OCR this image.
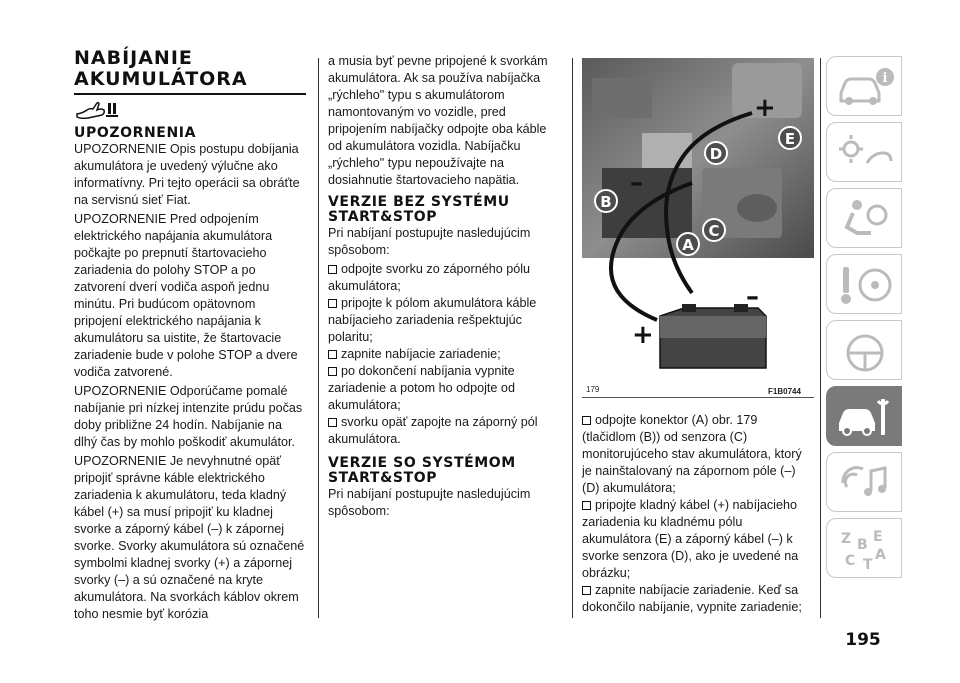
NABÍJANIE
AKUMULÁTORA
UPOZORNENIA

UPOZORNENIE Opis postupu dobíjania akumulátora je uvedený výlučne ako informatívny. Pri tejto operácii sa obráťte na servisnú sieť Fiat.

UPOZORNENIE Pred odpojením elektrického napájania akumulátora počkajte po prepnutí štartovacieho zariadenia do polohy STOP a po zatvorení dverí vodiča aspoň jednu minútu. Pri budúcom opätovnom pripojení elektrického napájania k akumulátoru sa uistite, že štartovacie zariadenie bude v polohe STOP a dvere vodiča zatvorené.

UPOZORNENIE Odporúčame pomalé nabíjanie pri nízkej intenzite prúdu počas doby približne 24 hodín. Nabíjanie na dlhý čas by mohlo poškodiť akumulátor.

UPOZORNENIE Je nevyhnutné opäť pripojiť správne káble elektrického zariadenia k akumulátoru, teda kladný kábel (+) sa musí pripojiť ku kladnej svorke a záporný kábel (–) k zápornej svorke. Svorky akumulátora sú označené symbolmi kladnej svorky (+) a zápornej svorky (–) a sú označené na kryte akumulátora. Na svorkách káblov okrem toho nesmie byť korózia

a musia byť pevne pripojené k svorkám akumulátora. Ak sa používa nabíjačka „rýchleho" typu s akumulátorom namontovaným vo vozidle, pred pripojením nabíjačky odpojte oba káble od akumulátora vozidla. Nabíjačku „rýchleho" typu nepoužívajte na dosiahnutie štartovacieho napätia.

VERZIE BEZ SYSTÉMU START&STOP

Pri nabíjaní postupujte nasledujúcim spôsobom:

odpojte svorku zo záporného pólu akumulátora;

pripojte k pólom akumulátora káble nabíjacieho zariadenia rešpektujúc polaritu;

zapnite nabíjacie zariadenie;

po dokončení nabíjania vypnite zariadenie a potom ho odpojte od akumulátora;

svorku opäť zapojte na záporný pól akumulátora.

VERZIE SO SYSTÉMOM START&STOP

Pri nabíjaní postupujte nasledujúcim spôsobom:

+
–
+
–
E
D
B
C
A
179	F1B0744

odpojte konektor (A) obr. 179 (tlačidlom (B)) od senzora (C) monitorujúceho stav akumulátora, ktorý je nainštalovaný na zápornom póle (–) (D) akumulátora;

pripojte kladný kábel (+) nabíjacieho zariadenia ku kladnému pólu akumulátora (E) a záporný kábel (–) k svorke senzora (D), ako je uvedené na obrázku;

zapnite nabíjacie zariadenie. Keď sa dokončilo nabíjanie, vypnite zariadenie;

i
Z B E
A
C T
195
